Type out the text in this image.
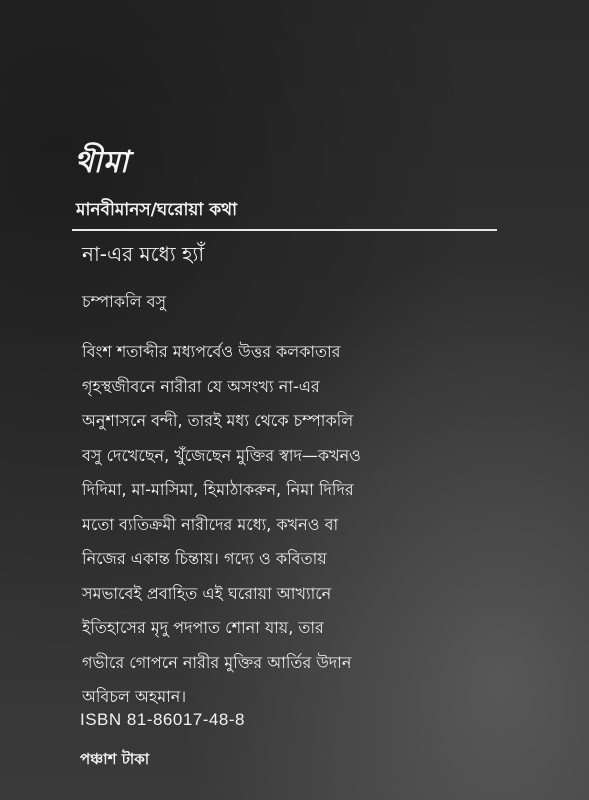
থীমা
মানবীমানস/ঘরোয়া কথা
না-এর মধ্যে হ্যাঁ
চম্পাকলি বসু

বিংশ শতাব্দীর মধ্যপর্বেও উত্তর কলকাতার
গৃহস্থজীবনে নারীরা যে অসংখ্য না-এর
অনুশাসনে বন্দী, তারই মধ্য থেকে চম্পাকলি
বসু দেখেছেন, খুঁজেছেন মুক্তির স্বাদ—কখনও
দিদিমা, মা-মাসিমা, হিমাঠাকরুন, নিমা দিদির
মতো ব্যতিক্রমী নারীদের মধ্যে, কখনও বা
নিজের একান্ত চিন্তায়। গদ্যে ও কবিতায়
সমভাবেই প্রবাহিত এই ঘরোয়া আখ্যানে
ইতিহাসের মৃদু পদপাত শোনা যায়, তার
গভীরে গোপনে নারীর মুক্তির আর্তির উদান
অবিচল অহমান।

ISBN 81-86017-48-8
পঞ্চাশ টাকা
